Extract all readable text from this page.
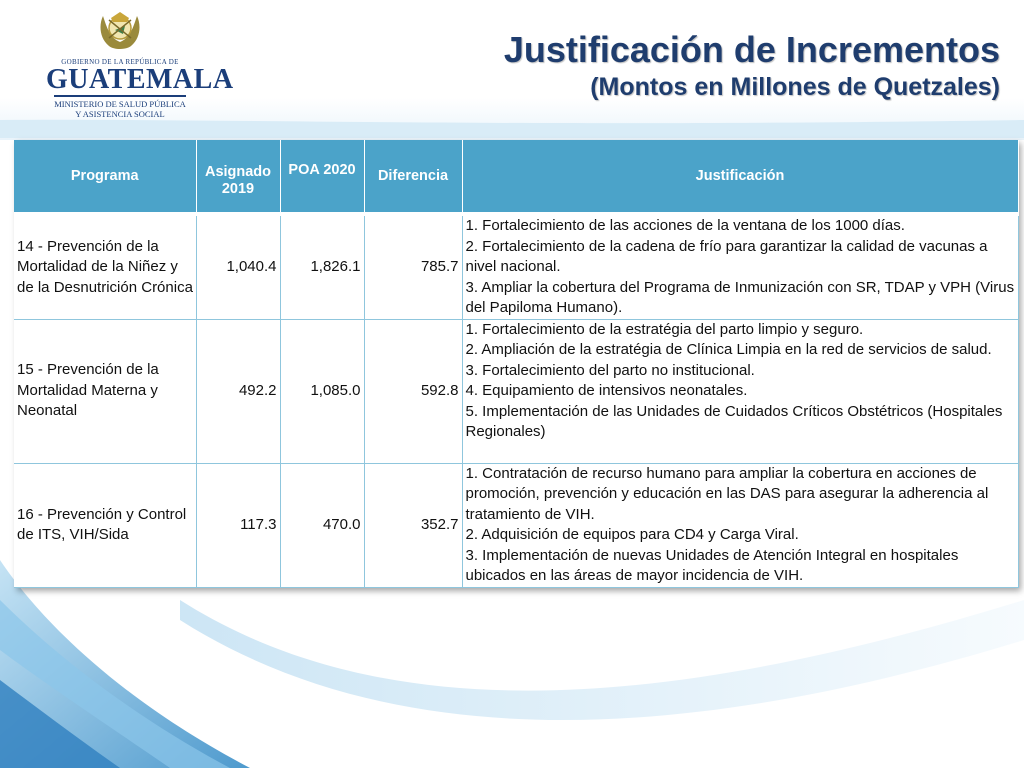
GOBIERNO DE LA REPÚBLICA DE
GUATEMALA
MINISTERIO DE SALUD PÚBLICA
Y ASISTENCIA SOCIAL
Justificación de Incrementos
(Montos en Millones de Quetzales)
Programa	Asignado 2019	POA 2020	Diferencia	Justificación
14 - Prevención de la Mortalidad de la Niñez y de la Desnutrición Crónica	1,040.4	1,826.1	785.7	1. Fortalecimiento de las acciones de la ventana de los 1000 días.
2. Fortalecimiento de la cadena de frío para garantizar la calidad de vacunas a nivel nacional.
3. Ampliar la cobertura del Programa de Inmunización con SR, TDAP y VPH (Virus del Papiloma Humano).

15 - Prevención de la Mortalidad Materna y Neonatal	492.2	1,085.0	592.8	1. Fortalecimiento de la estratégia del parto limpio y seguro.
2. Ampliación de la estratégia de Clínica Limpia en la red de servicios de salud.
3. Fortalecimiento del parto no institucional.
4. Equipamiento de intensivos neonatales.
5. Implementación de las Unidades de Cuidados Críticos Obstétricos (Hospitales Regionales)

16 - Prevención y Control de ITS, VIH/Sida	117.3	470.0	352.7	1. Contratación de recurso humano para ampliar la cobertura en acciones de promoción, prevención y educación en las DAS para asegurar la adherencia al tratamiento de VIH.
2. Adquisición de equipos para CD4 y Carga Viral.
3. Implementación de nuevas Unidades de Atención Integral en hospitales ubicados en las áreas de mayor incidencia de VIH.
